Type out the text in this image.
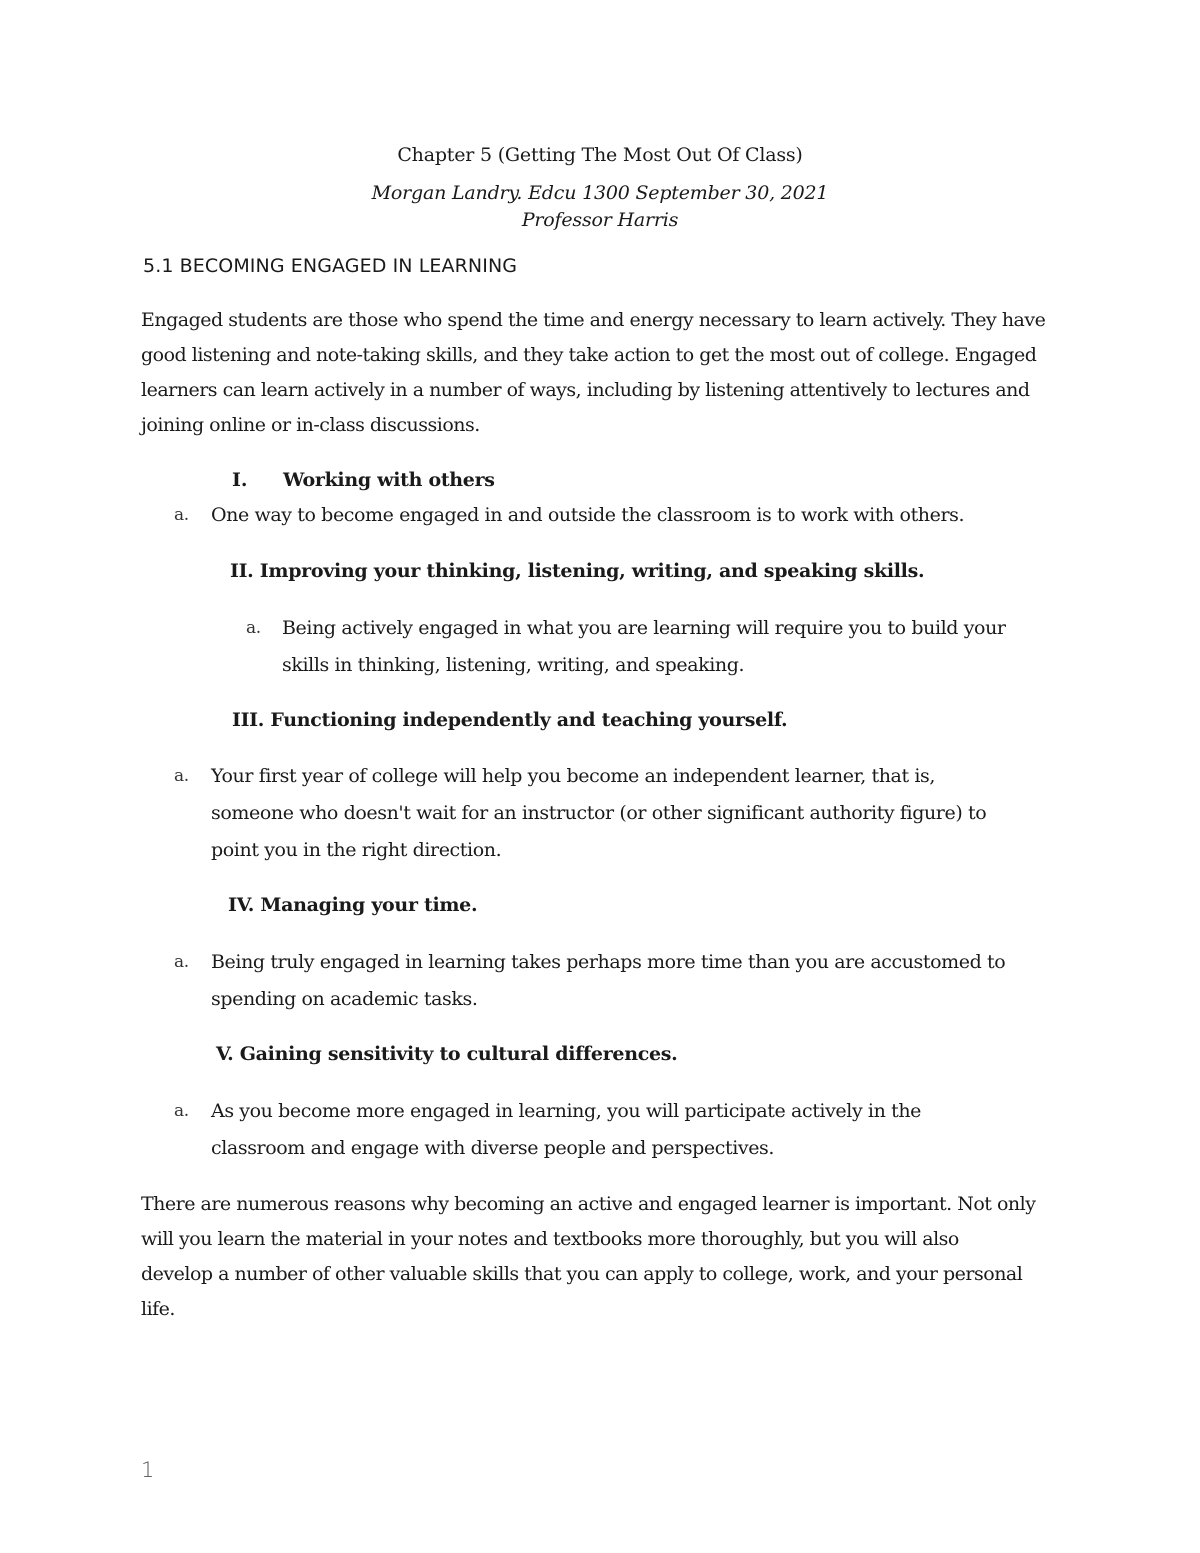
Chapter 5 (Getting The Most Out Of Class)
Morgan Landry. Edcu 1300 September 30, 2021
Professor Harris
5.1 BECOMING ENGAGED IN LEARNING
Engaged students are those who spend the time and energy necessary to learn actively. They have
good listening and note-taking skills, and they take action to get the most out of college. Engaged
learners can learn actively in a number of ways, including by listening attentively to lectures and
joining online or in-class discussions.
I. Working with others
a. One way to become engaged in and outside the classroom is to work with others.
II. Improving your thinking, listening, writing, and speaking skills.
a. Being actively engaged in what you are learning will require you to build your
skills in thinking, listening, writing, and speaking.
III. Functioning independently and teaching yourself.
a. Your first year of college will help you become an independent learner, that is,
someone who doesn't wait for an instructor (or other significant authority figure) to
point you in the right direction.
IV. Managing your time.
a. Being truly engaged in learning takes perhaps more time than you are accustomed to
spending on academic tasks.
V. Gaining sensitivity to cultural differences.
a. As you become more engaged in learning, you will participate actively in the
classroom and engage with diverse people and perspectives.
There are numerous reasons why becoming an active and engaged learner is important. Not only
will you learn the material in your notes and textbooks more thoroughly, but you will also
develop a number of other valuable skills that you can apply to college, work, and your personal
life.
1
